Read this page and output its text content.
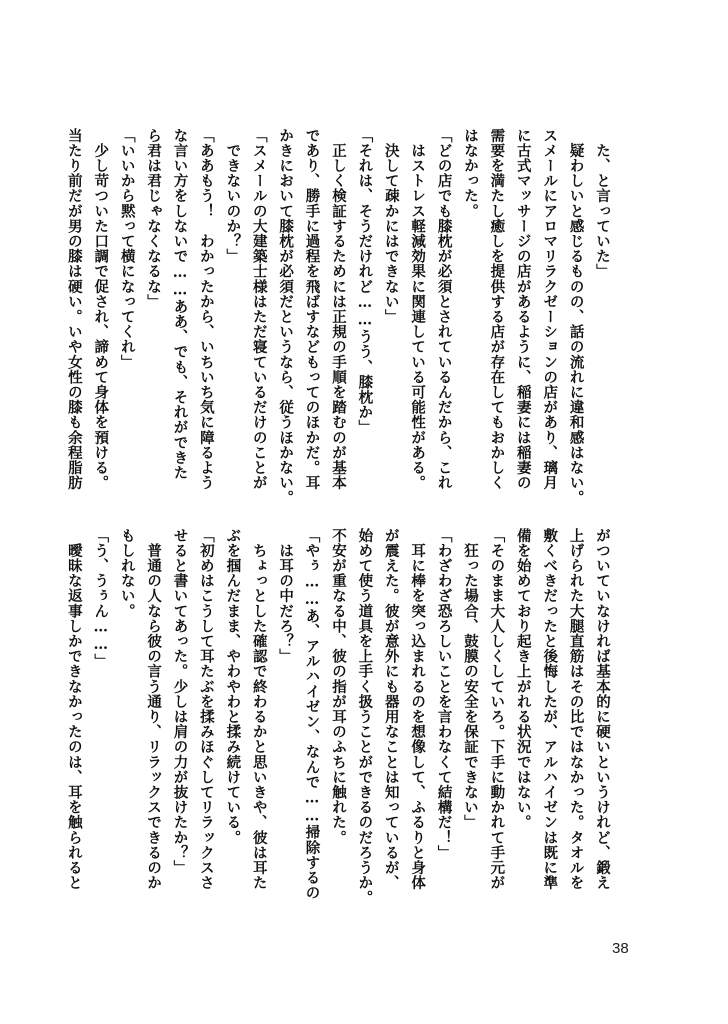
　た、と言っていた」
　疑わしいと感じるものの、話の流れに違和感はない。
スメールにアロマリラクゼーションの店があり、璃月
に古式マッサージの店があるように、稲妻には稲妻の
需要を満たし癒しを提供する店が存在してもおかしく
はなかった。
「どの店でも膝枕が必須とされているんだから、これ
　はストレス軽減効果に関連している可能性がある。
　決して疎かにはできない」
「それは、そうだけれど……うう、膝枕か」
　正しく検証するためには正規の手順を踏むのが基本
であり、勝手に過程を飛ばすなどもってのほかだ。耳
かきにおいて膝枕が必須だというなら、従うほかない。
「スメールの大建築士様はただ寝ているだけのことが
　できないのか？」
「ああもう！　わかったから、いちいち気に障るよう
な言い方をしないで……ああ、でも、それができた
ら君は君じゃなくなるな」
「いいから黙って横になってくれ」
　少し苛ついた口調で促され、諦めて身体を預ける。
当たり前だが男の膝は硬い。いや女性の膝も余程脂肪
がついていなければ基本的に硬いというけれど、鍛え
上げられた大腿直筋はその比ではなかった。タオルを
敷くべきだったと後悔したが、アルハイゼンは既に準
備を始めており起き上がれる状況ではない。
「そのまま大人しくしていろ。下手に動かれて手元が
　狂った場合、鼓膜の安全を保証できない」
「わざわざ恐ろしいことを言わなくて結構だ！」
　耳に棒を突っ込まれるのを想像して、ふるりと身体
が震えた。彼が意外にも器用なことは知っているが、
始めて使う道具を上手く扱うことができるのだろうか。
不安が重なる中、彼の指が耳のふちに触れた。
「やぅ……あ、アルハイゼン、なんで……掃除するの
　は耳の中だろ？」
　ちょっとした確認で終わるかと思いきや、彼は耳た
ぶを掴んだまま、やわやわと揉み続けている。
「初めはこうして耳たぶを揉みほぐしてリラックスさ
せると書いてあった。少しは肩の力が抜けたか？」
　普通の人なら彼の言う通り、リラックスできるのか
もしれない。
「う、うぅん……」
　曖昧な返事しかできなかったのは、耳を触られると
38
